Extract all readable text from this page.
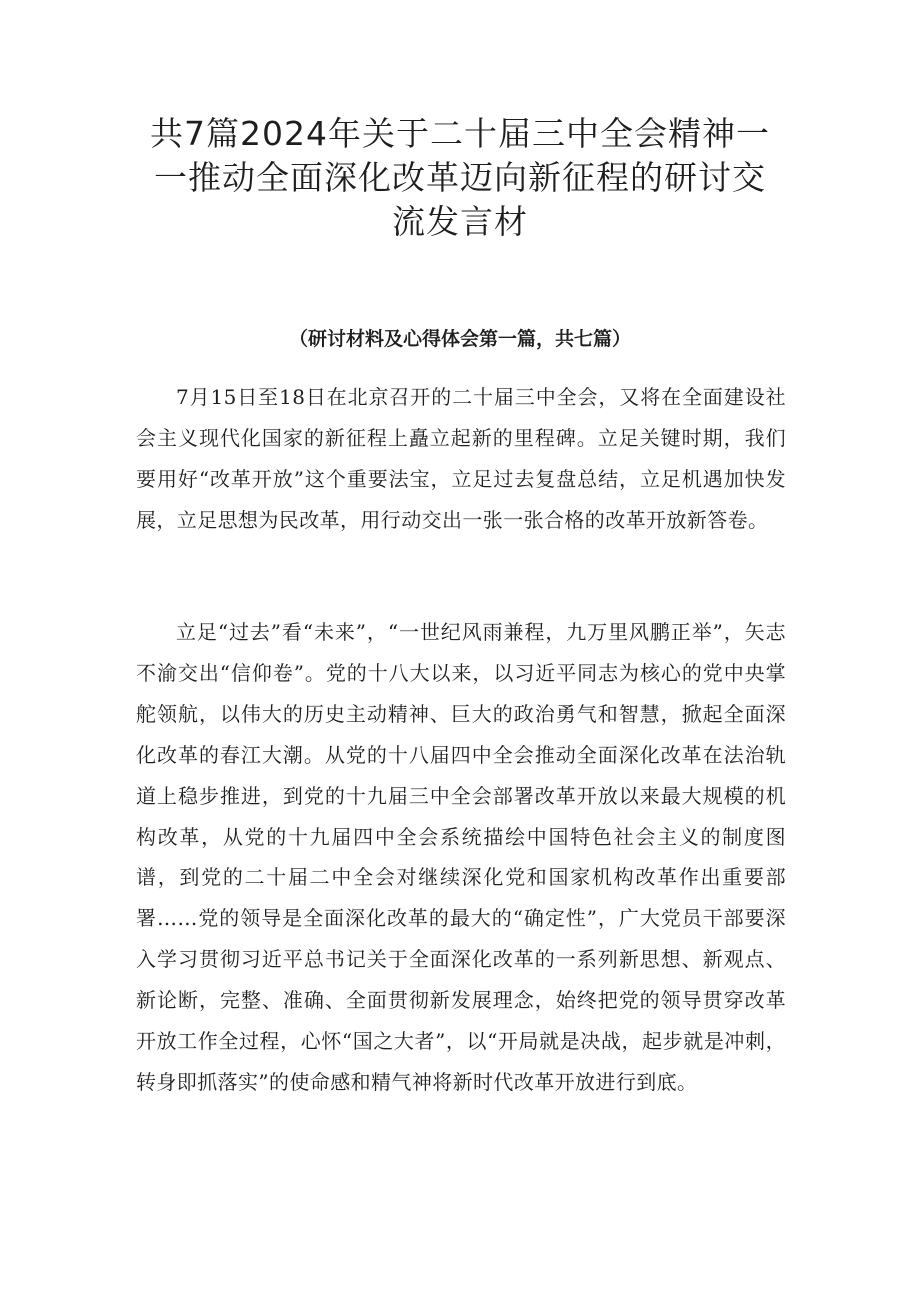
共7篇2024年关于二十届三中全会精神一
一推动全面深化改革迈向新征程的研讨交
流发言材

（研讨材料及心得体会第一篇，共七篇）

7月15日至18日在北京召开的二十届三中全会，又将在全面建设社会主义现代化国家的新征程上矗立起新的里程碑。立足关键时期，我们要用好“改革开放”这个重要法宝，立足过去复盘总结，立足机遇加快发展，立足思想为民改革，用行动交出一张一张合格的改革开放新答卷。

立足“过去”看“未来”，“一世纪风雨兼程，九万里风鹏正举”，矢志不渝交出“信仰卷”。党的十八大以来，以习近平同志为核心的党中央掌舵领航，以伟大的历史主动精神、巨大的政治勇气和智慧，掀起全面深化改革的春江大潮。从党的十八届四中全会推动全面深化改革在法治轨道上稳步推进，到党的十九届三中全会部署改革开放以来最大规模的机构改革，从党的十九届四中全会系统描绘中国特色社会主义的制度图谱，到党的二十届二中全会对继续深化党和国家机构改革作出重要部署……党的领导是全面深化改革的最大的“确定性”，广大党员干部要深入学习贯彻习近平总书记关于全面深化改革的一系列新思想、新观点、新论断，完整、准确、全面贯彻新发展理念，始终把党的领导贯穿改革开放工作全过程，心怀“国之大者”，以“开局就是决战，起步就是冲刺，转身即抓落实”的使命感和精气神将新时代改革开放进行到底。
